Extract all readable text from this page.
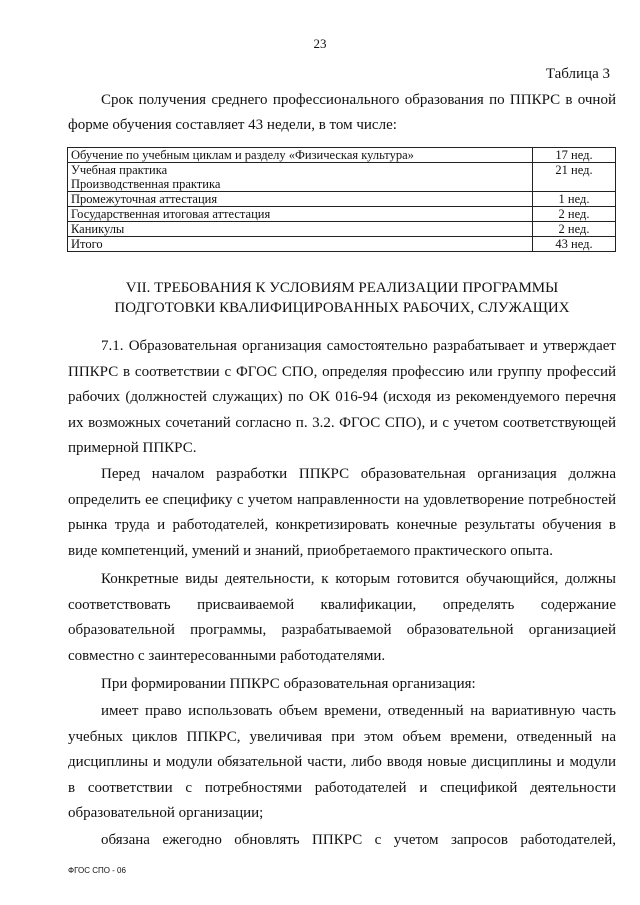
23
Таблица 3
Срок получения среднего профессионального образования по ППКРС в очной
форме обучения составляет 43 недели, в том числе:
Обучение по учебным циклам и разделу «Физическая культура»	17 нед.
Учебная практика	21 нед.
Производственная практика	
Промежуточная аттестация	1 нед.
Государственная итоговая аттестация	2 нед.
Каникулы	2 нед.
Итого	43 нед.
VII. ТРЕБОВАНИЯ К УСЛОВИЯМ РЕАЛИЗАЦИИ ПРОГРАММЫ
ПОДГОТОВКИ КВАЛИФИЦИРОВАННЫХ РАБОЧИХ, СЛУЖАЩИХ
7.1. Образовательная организация самостоятельно разрабатывает и утверждает
ППКРС в соответствии с ФГОС СПО, определяя профессию или группу профессий
рабочих (должностей служащих) по ОК 016-94 (исходя из рекомендуемого перечня
их возможных сочетаний согласно п. 3.2. ФГОС СПО), и с учетом соответствующей
примерной ППКРС.
Перед началом разработки ППКРС образовательная организация должна
определить ее специфику с учетом направленности на удовлетворение потребностей
рынка труда и работодателей, конкретизировать конечные результаты обучения в
виде компетенций, умений и знаний, приобретаемого практического опыта.
Конкретные виды деятельности, к которым готовится обучающийся, должны
соответствовать присваиваемой квалификации, определять содержание
образовательной программы, разрабатываемой образовательной организацией
совместно с заинтересованными работодателями.
При формировании ППКРС образовательная организация:
имеет право использовать объем времени, отведенный на вариативную часть
учебных циклов ППКРС, увеличивая при этом объем времени, отведенный на
дисциплины и модули обязательной части, либо вводя новые дисциплины и модули
в соответствии с потребностями работодателей и спецификой деятельности
образовательной организации;
обязана ежегодно обновлять ППКРС с учетом запросов работодателей,
ФГОС СПО - 06
